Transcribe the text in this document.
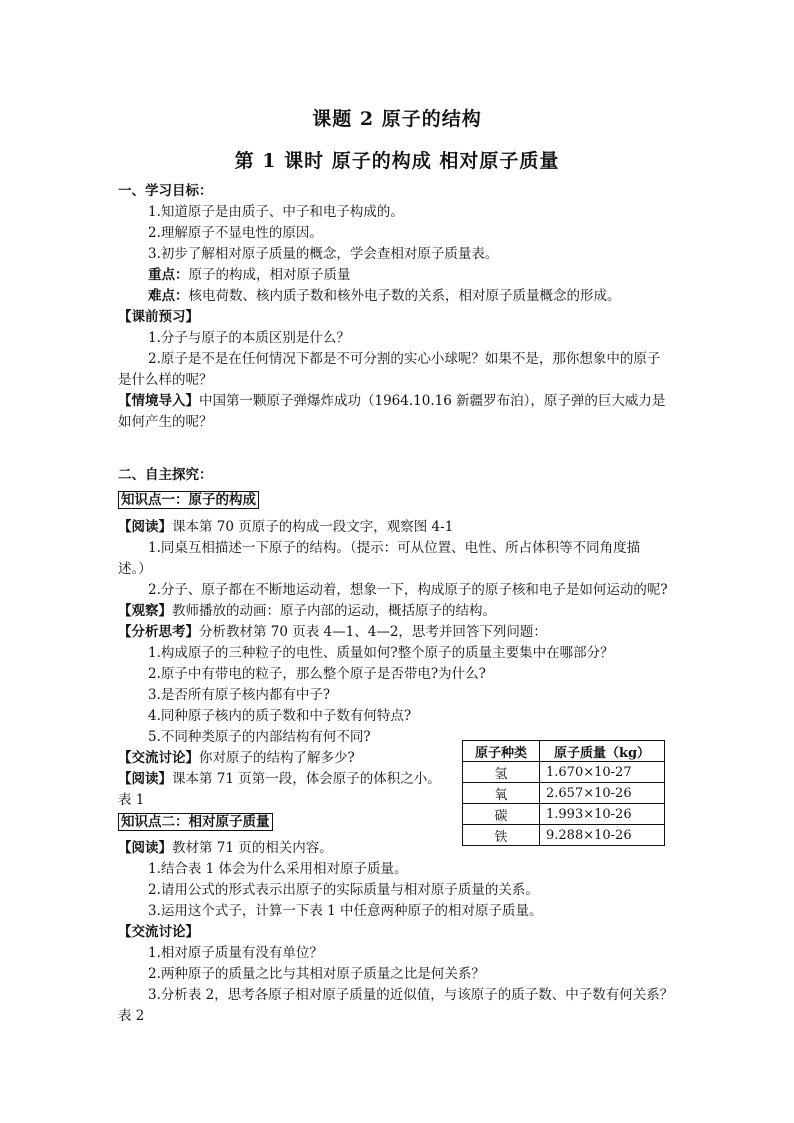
课题 2 原子的结构
第 1 课时 原子的构成 相对原子质量
一、学习目标：
1.知道原子是由质子、中子和电子构成的。
2.理解原子不显电性的原因。
3.初步了解相对原子质量的概念，学会查相对原子质量表。
重点：原子的构成，相对原子质量
难点：核电荷数、核内质子数和核外电子数的关系，相对原子质量概念的形成。
【课前预习】
1.分子与原子的本质区别是什么？
2.原子是不是在任何情况下都是不可分割的实心小球呢？如果不是，那你想象中的原子
是什么样的呢？
【情境导入】中国第一颗原子弹爆炸成功（1964.10.16 新疆罗布泊），原子弹的巨大威力是
如何产生的呢？
二、自主探究：
知识点一：原子的构成
【阅读】课本第 70 页原子的构成一段文字，观察图 4-1
1.同桌互相描述一下原子的结构。（提示：可从位置、电性、所占体积等不同角度描
述。）
2.分子、原子都在不断地运动着，想象一下，构成原子的原子核和电子是如何运动的呢?
【观察】教师播放的动画：原子内部的运动，概括原子的结构。
【分析思考】分析教材第 70 页表 4—1、4—2，思考并回答下列问题：
1.构成原子的三种粒子的电性、质量如何?整个原子的质量主要集中在哪部分？
2.原子中有带电的粒子，那么整个原子是否带电?为什么?
3.是否所有原子核内都有中子?
4.同种原子核内的质子数和中子数有何特点?
5.不同种类原子的内部结构有何不同?
【交流讨论】你对原子的结构了解多少?
【阅读】课本第 71 页第一段，体会原子的体积之小。
表 1
知识点二：相对原子质量
【阅读】教材第 71 页的相关内容。
1.结合表 1 体会为什么采用相对原子质量。
2.请用公式的形式表示出原子的实际质量与相对原子质量的关系。
3.运用这个式子，计算一下表 1 中任意两种原子的相对原子质量。
【交流讨论】
1.相对原子质量有没有单位？
2.两种原子的质量之比与其相对原子质量之比是何关系？
3.分析表 2，思考各原子相对原子质量的近似值，与该原子的质子数、中子数有何关系？
表 2
原子种类	原子质量（kg）
氢	1.670×10-27
氧	2.657×10-26
碳	1.993×10-26
铁	9.288×10-26
